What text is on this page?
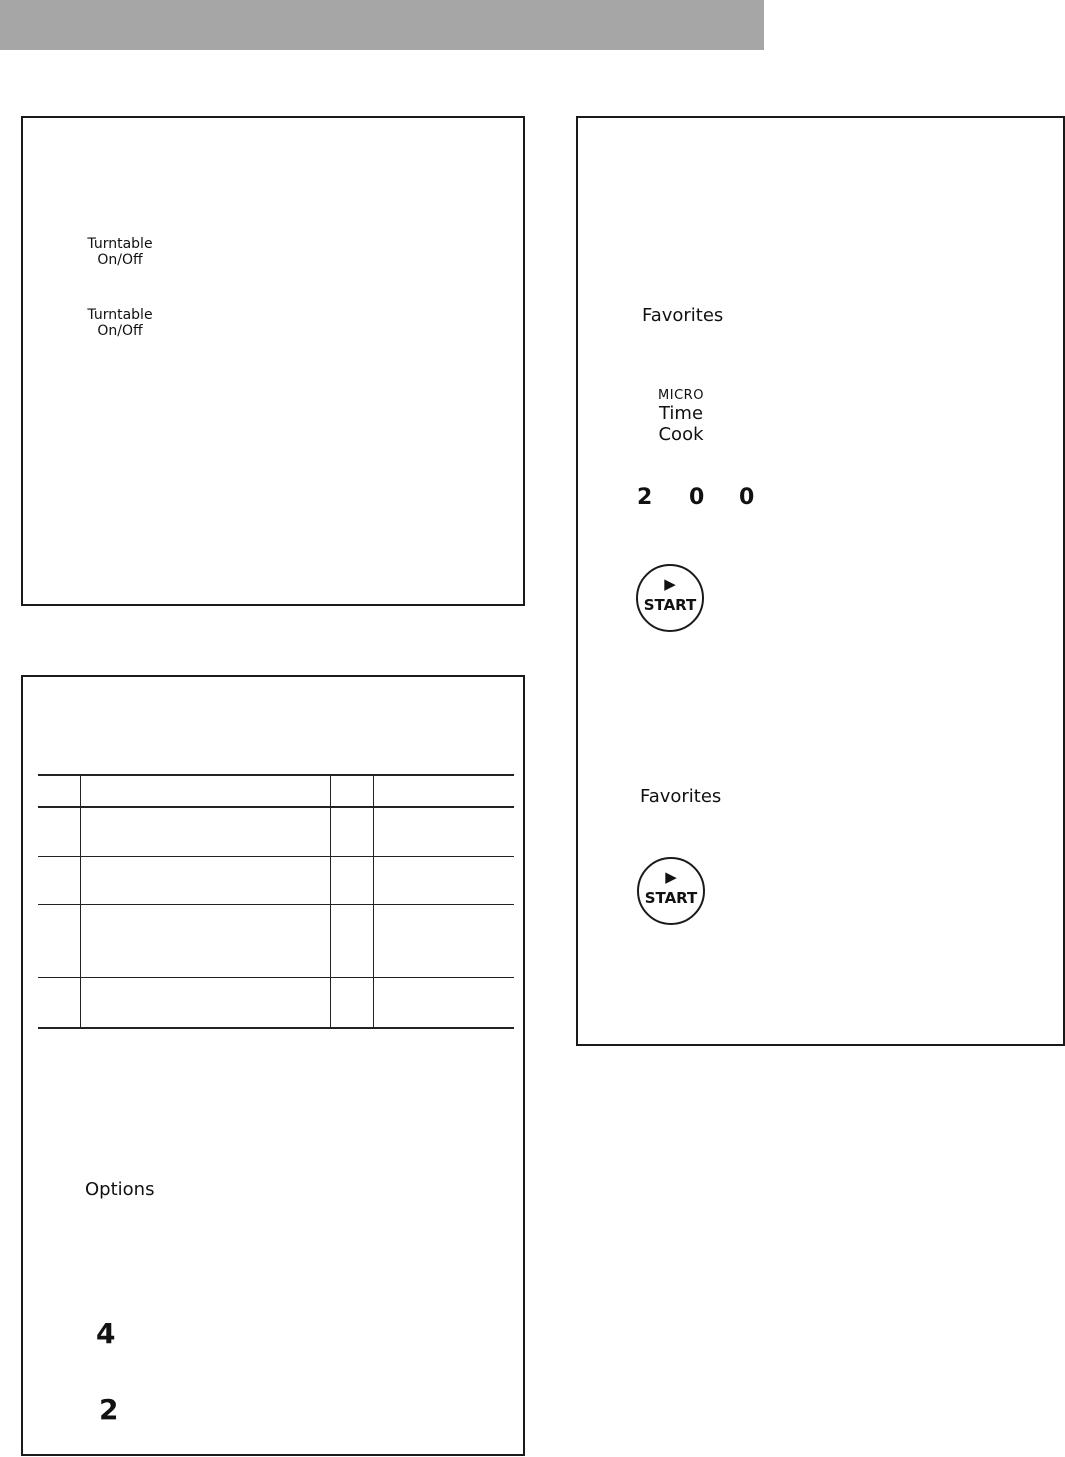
Turntable
On/Off
Turntable
On/Off
Options
4
2
Favorites
MICRO
Time Cook
2 0 0
▶
START
Favorites
▶
START
